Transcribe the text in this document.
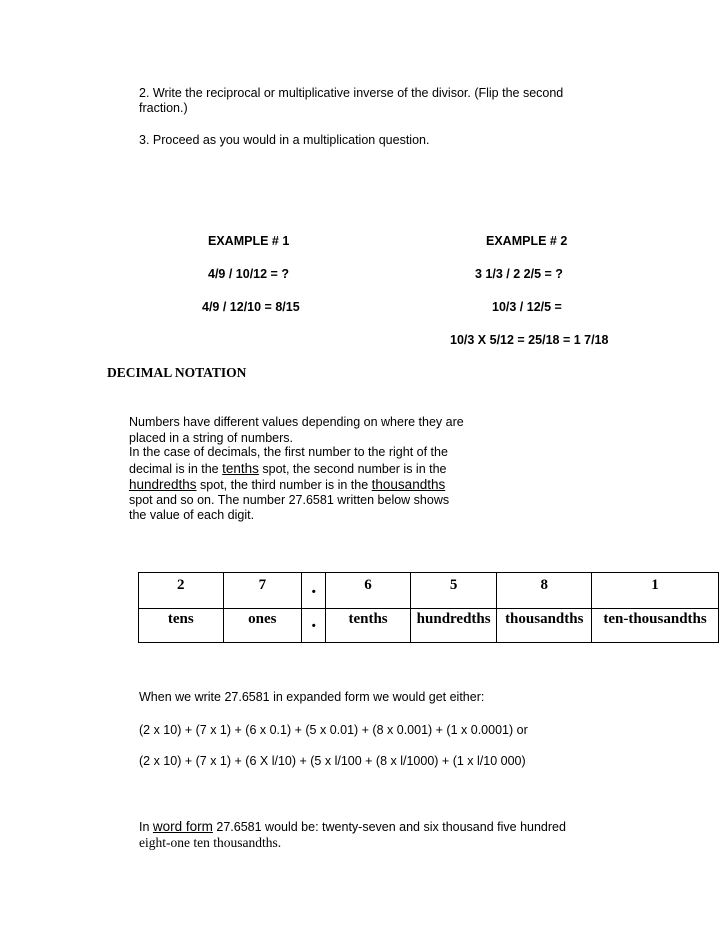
2. Write the reciprocal or multiplicative inverse of the divisor. (Flip the second
fraction.)
3. Proceed as you would in a multiplication question.
EXAMPLE # 1
4/9 / 10/12 = ?
4/9 / 12/10 = 8/15
EXAMPLE # 2
3 1/3 / 2 2/5 = ?
10/3 / 12/5 =
10/3 X 5/12 = 25/18 = 1 7/18
DECIMAL NOTATION
Numbers have different values depending on where they are
placed in a string of numbers.
In the case of decimals, the first number to the right of the
decimal is in the tenths spot, the second number is in the
hundredths spot, the third number is in the thousandths
spot and so on. The number 27.6581 written below shows
the value of each digit.
2	7	.	6	5	8	1
tens	ones	.	tenths	hundredths	thousandths	ten-thousandths
When we write 27.6581 in expanded form we would get either:
(2 x 10) + (7 x 1) + (6 x 0.1) + (5 x 0.01) + (8 x 0.001) + (1 x 0.0001) or
(2 x 10) + (7 x 1) + (6 X l/10) + (5 x l/100 + (8 x l/1000) + (1 x l/10 000)
In word form 27.6581 would be: twenty-seven and six thousand five hundred
eight-one ten thousandths.
